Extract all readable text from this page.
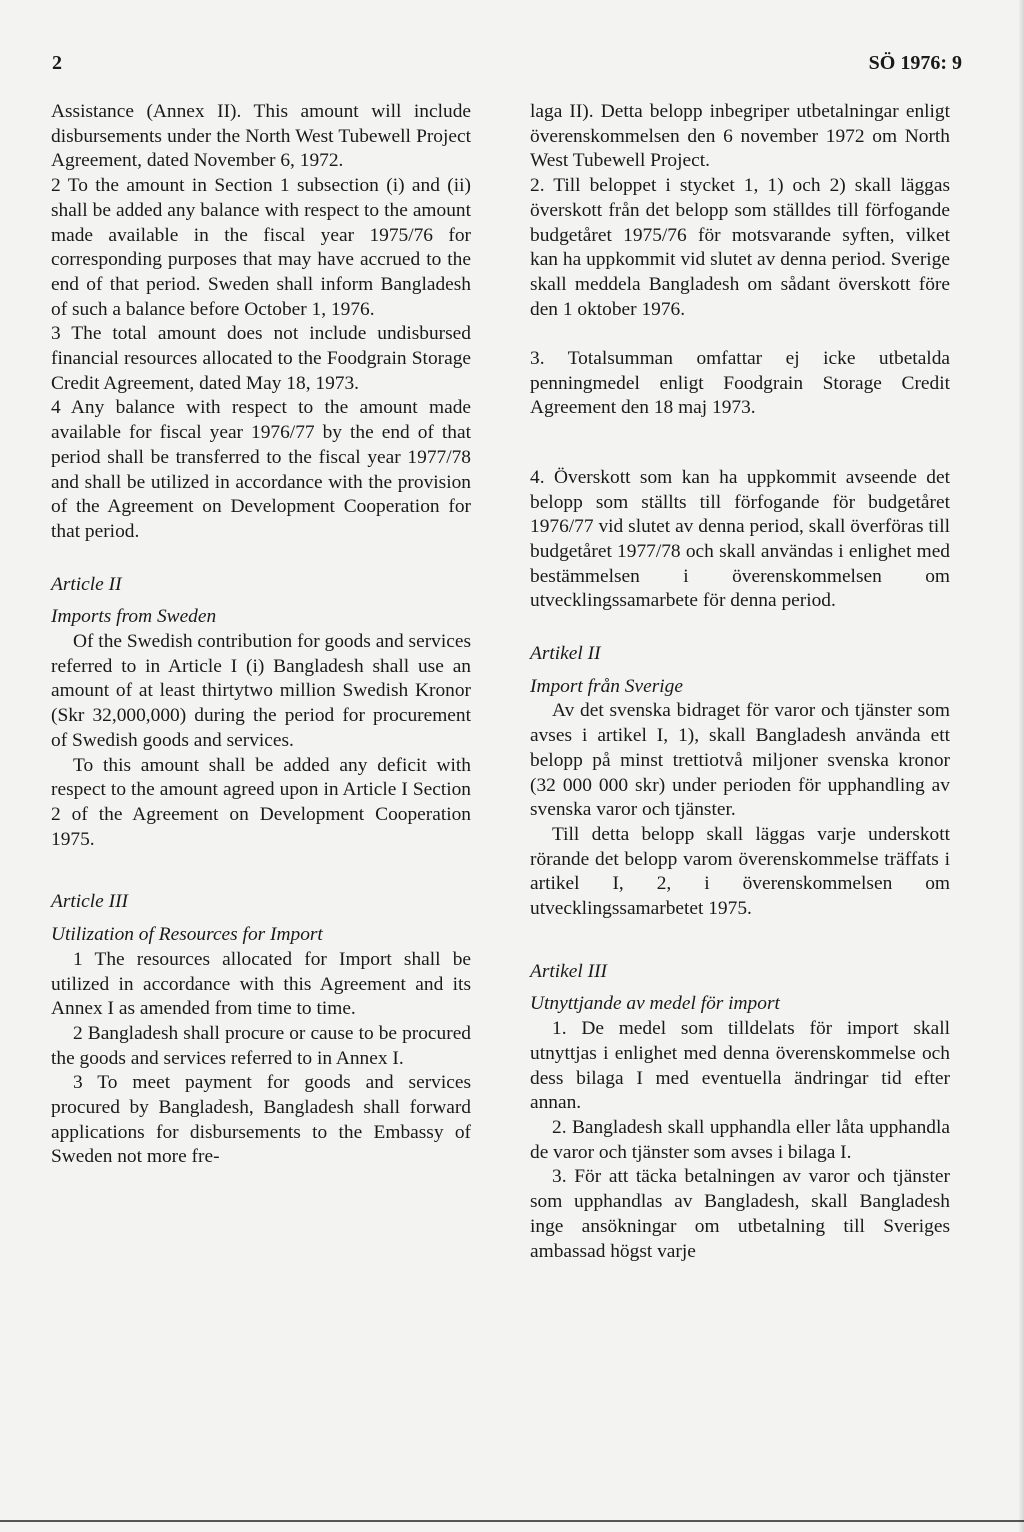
2	SÖ 1976: 9

Assistance (Annex II). This amount will include disbursements under the North West Tubewell Project Agreement, dated November 6, 1972.

2 To the amount in Section 1 subsection (i) and (ii) shall be added any balance with respect to the amount made available in the fiscal year 1975/76 for corresponding purposes that may have accrued to the end of that period. Sweden shall inform Bangladesh of such a balance before October 1, 1976.

3 The total amount does not include undisbursed financial resources allocated to the Foodgrain Storage Credit Agreement, dated May 18, 1973.

4 Any balance with respect to the amount made available for fiscal year 1976/77 by the end of that period shall be transferred to the fiscal year 1977/78 and shall be utilized in accordance with the provision of the Agreement on Development Cooperation for that period.

Article II

Imports from Sweden

Of the Swedish contribution for goods and services referred to in Article I (i) Bangladesh shall use an amount of at least thirtytwo million Swedish Kronor (Skr 32,000,000) during the period for procurement of Swedish goods and services.

To this amount shall be added any deficit with respect to the amount agreed upon in Article I Section 2 of the Agreement on Development Cooperation 1975.

Article III

Utilization of Resources for Import

1 The resources allocated for Import shall be utilized in accordance with this Agreement and its Annex I as amended from time to time.

2 Bangladesh shall procure or cause to be procured the goods and services referred to in Annex I.

3 To meet payment for goods and services procured by Bangladesh, Bangladesh shall forward applications for disbursements to the Embassy of Sweden not more fre-

laga II). Detta belopp inbegriper utbetalningar enligt överenskommelsen den 6 november 1972 om North West Tubewell Project.

2. Till beloppet i stycket 1, 1) och 2) skall läggas överskott från det belopp som ställdes till förfogande budgetåret 1975/76 för motsvarande syften, vilket kan ha uppkommit vid slutet av denna period. Sverige skall meddela Bangladesh om sådant överskott före den 1 oktober 1976.

3. Totalsumman omfattar ej icke utbetalda penningmedel enligt Foodgrain Storage Credit Agreement den 18 maj 1973.

4. Överskott som kan ha uppkommit avseende det belopp som ställts till förfogande för budgetåret 1976/77 vid slutet av denna period, skall överföras till budgetåret 1977/78 och skall användas i enlighet med bestämmelsen i överenskommelsen om utvecklingssamarbete för denna period.

Artikel II

Import från Sverige

Av det svenska bidraget för varor och tjänster som avses i artikel I, 1), skall Bangladesh använda ett belopp på minst trettiotvå miljoner svenska kronor (32 000 000 skr) under perioden för upphandling av svenska varor och tjänster.

Till detta belopp skall läggas varje underskott rörande det belopp varom överenskommelse träffats i artikel I, 2, i överenskommelsen om utvecklingssamarbetet 1975.

Artikel III

Utnyttjande av medel för import

1. De medel som tilldelats för import skall utnyttjas i enlighet med denna överenskommelse och dess bilaga I med eventuella ändringar tid efter annan.

2. Bangladesh skall upphandla eller låta upphandla de varor och tjänster som avses i bilaga I.

3. För att täcka betalningen av varor och tjänster som upphandlas av Bangladesh, skall Bangladesh inge ansökningar om utbetalning till Sveriges ambassad högst varje
